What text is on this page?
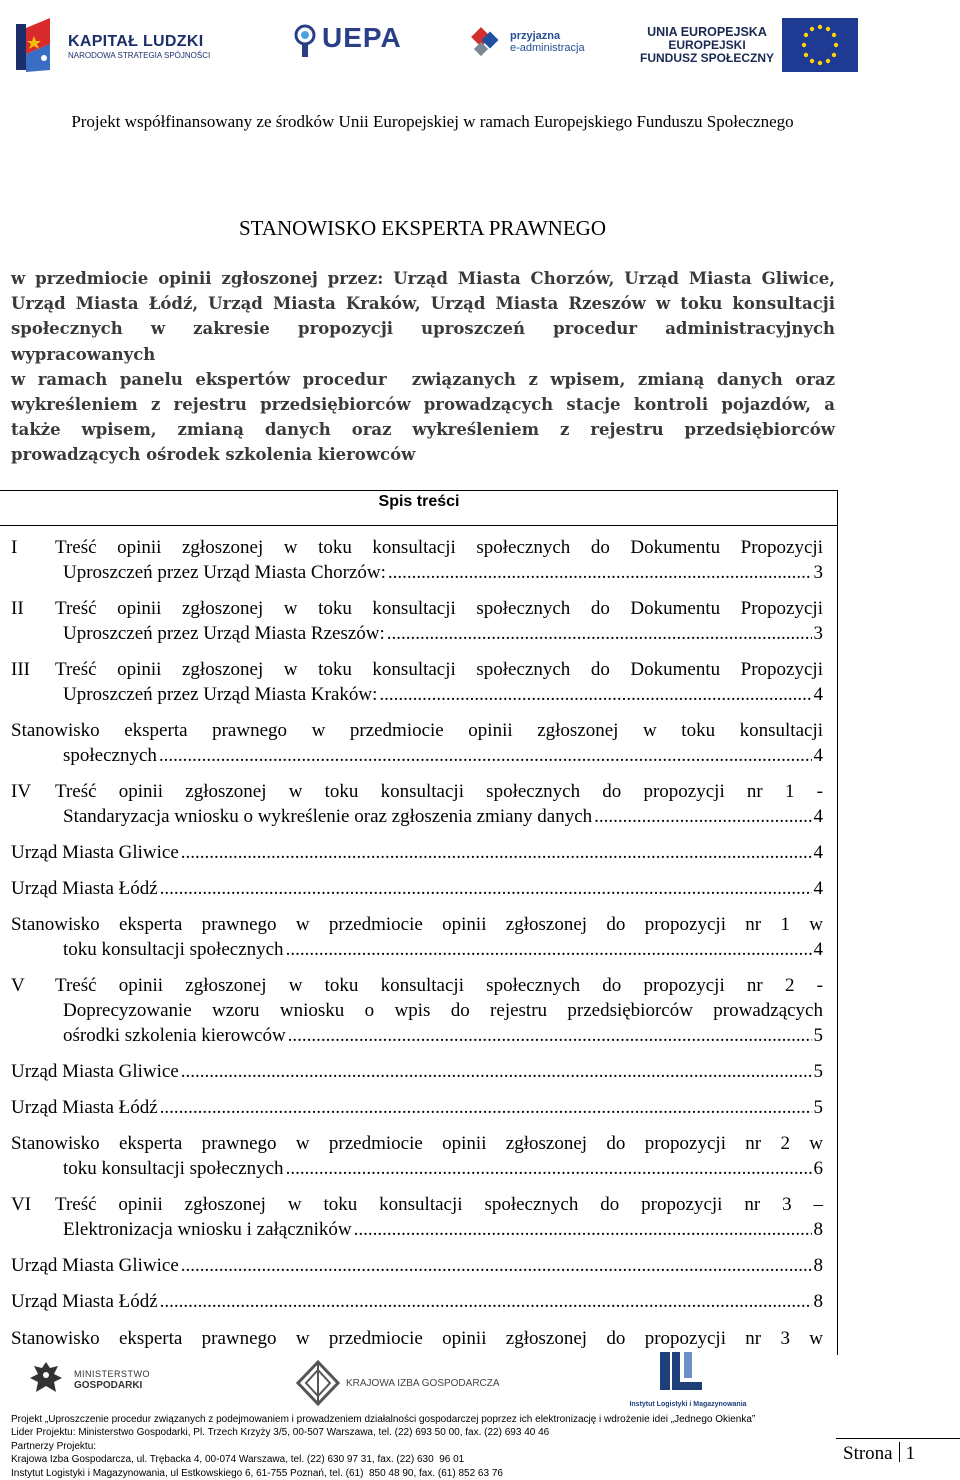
KAPITAŁ LUDZKI
NARODOWA STRATEGIA SPÓJNOŚCI
UEPA
	przyjazna
e-administracja
UNIA EUROPEJSKA
EUROPEJSKI
FUNDUSZ SPOŁECZNY
Projekt współfinansowany ze środków Unii Europejskiej w ramach Europejskiego Funduszu Społecznego
STANOWISKO EKSPERTA PRAWNEGO

w przedmiocie opinii zgłoszonej przez: Urząd Miasta Chorzów, Urząd Miasta Gliwice,

Urząd Miasta Łódź, Urząd Miasta Kraków, Urząd Miasta Rzeszów w toku konsultacji

społecznych w zakresie propozycji uproszczeń procedur administracyjnych

wypracowanych

w ramach panelu ekspertów procedur  związanych z wpisem, zmianą danych oraz

wykreśleniem z rejestru przedsiębiorców prowadzących stacje kontroli pojazdów, a

także wpisem, zmianą danych oraz wykreśleniem z rejestru przedsiębiorców

prowadzących ośrodek szkolenia kierowców

Spis treści
I	Treść opinii zgłoszonej w toku konsultacji społecznych do Dokumentu Propozycji
Uproszczeń przez Urząd Miasta Chorzów: .....	3
II	Treść opinii zgłoszonej w toku konsultacji społecznych do Dokumentu Propozycji
Uproszczeń przez Urząd Miasta Rzeszów: .....	3
III	Treść opinii zgłoszonej w toku konsultacji społecznych do Dokumentu Propozycji
Uproszczeń przez Urząd Miasta Kraków: .....	4
Stanowisko eksperta prawnego w przedmiocie opinii zgłoszonej w toku konsultacji
społecznych .....	4
IV	Treść opinii zgłoszonej w toku konsultacji społecznych do propozycji nr 1 -
Standaryzacja wniosku o wykreślenie oraz zgłoszenia zmiany danych .....	4
Urząd Miasta Gliwice .....	4
Urząd Miasta Łódź .....	4
Stanowisko eksperta prawnego w przedmiocie opinii zgłoszonej do propozycji nr 1 w
toku konsultacji społecznych .....	4
V	Treść opinii zgłoszonej w toku konsultacji społecznych do propozycji nr 2 -
Doprecyzowanie wzoru wniosku o wpis do rejestru przedsiębiorców prowadzących
ośrodki szkolenia kierowców .....	5
Urząd Miasta Gliwice .....	5
Urząd Miasta Łódź .....	5
Stanowisko eksperta prawnego w przedmiocie opinii zgłoszonej do propozycji nr 2 w
toku konsultacji społecznych .....	6
VI	Treść opinii zgłoszonej w toku konsultacji społecznych do propozycji nr 3 –
Elektronizacja wniosku i załączników .....	8
Urząd Miasta Gliwice .....	8
Urząd Miasta Łódź .....	8
Stanowisko eksperta prawnego w przedmiocie opinii zgłoszonej do propozycji nr 3 w
MINISTERSTWO
GOSPODARKI	KRAJOWA IZBA GOSPODARCZA
Instytut Logistyki i Magazynowania
Projekt „Uproszczenie procedur związanych z podejmowaniem i prowadzeniem działalności gospodarczej poprzez ich elektronizację i wdrożenie idei „Jednego Okienka”
Lider Projektu: Ministerstwo Gospodarki, Pl. Trzech Krzyży 3/5, 00-507 Warszawa, tel. (22) 693 50 00, fax. (22) 693 40 46
Partnerzy Projektu:
Krajowa Izba Gospodarcza, ul. Trębacka 4, 00-074 Warszawa, tel. (22) 630 97 31, fax. (22) 630  96 01
Instytut Logistyki i Magazynowania, ul Estkowskiego 6, 61-755 Poznań, tel. (61)  850 48 90, fax. (61) 852 63 76
Strona 1
